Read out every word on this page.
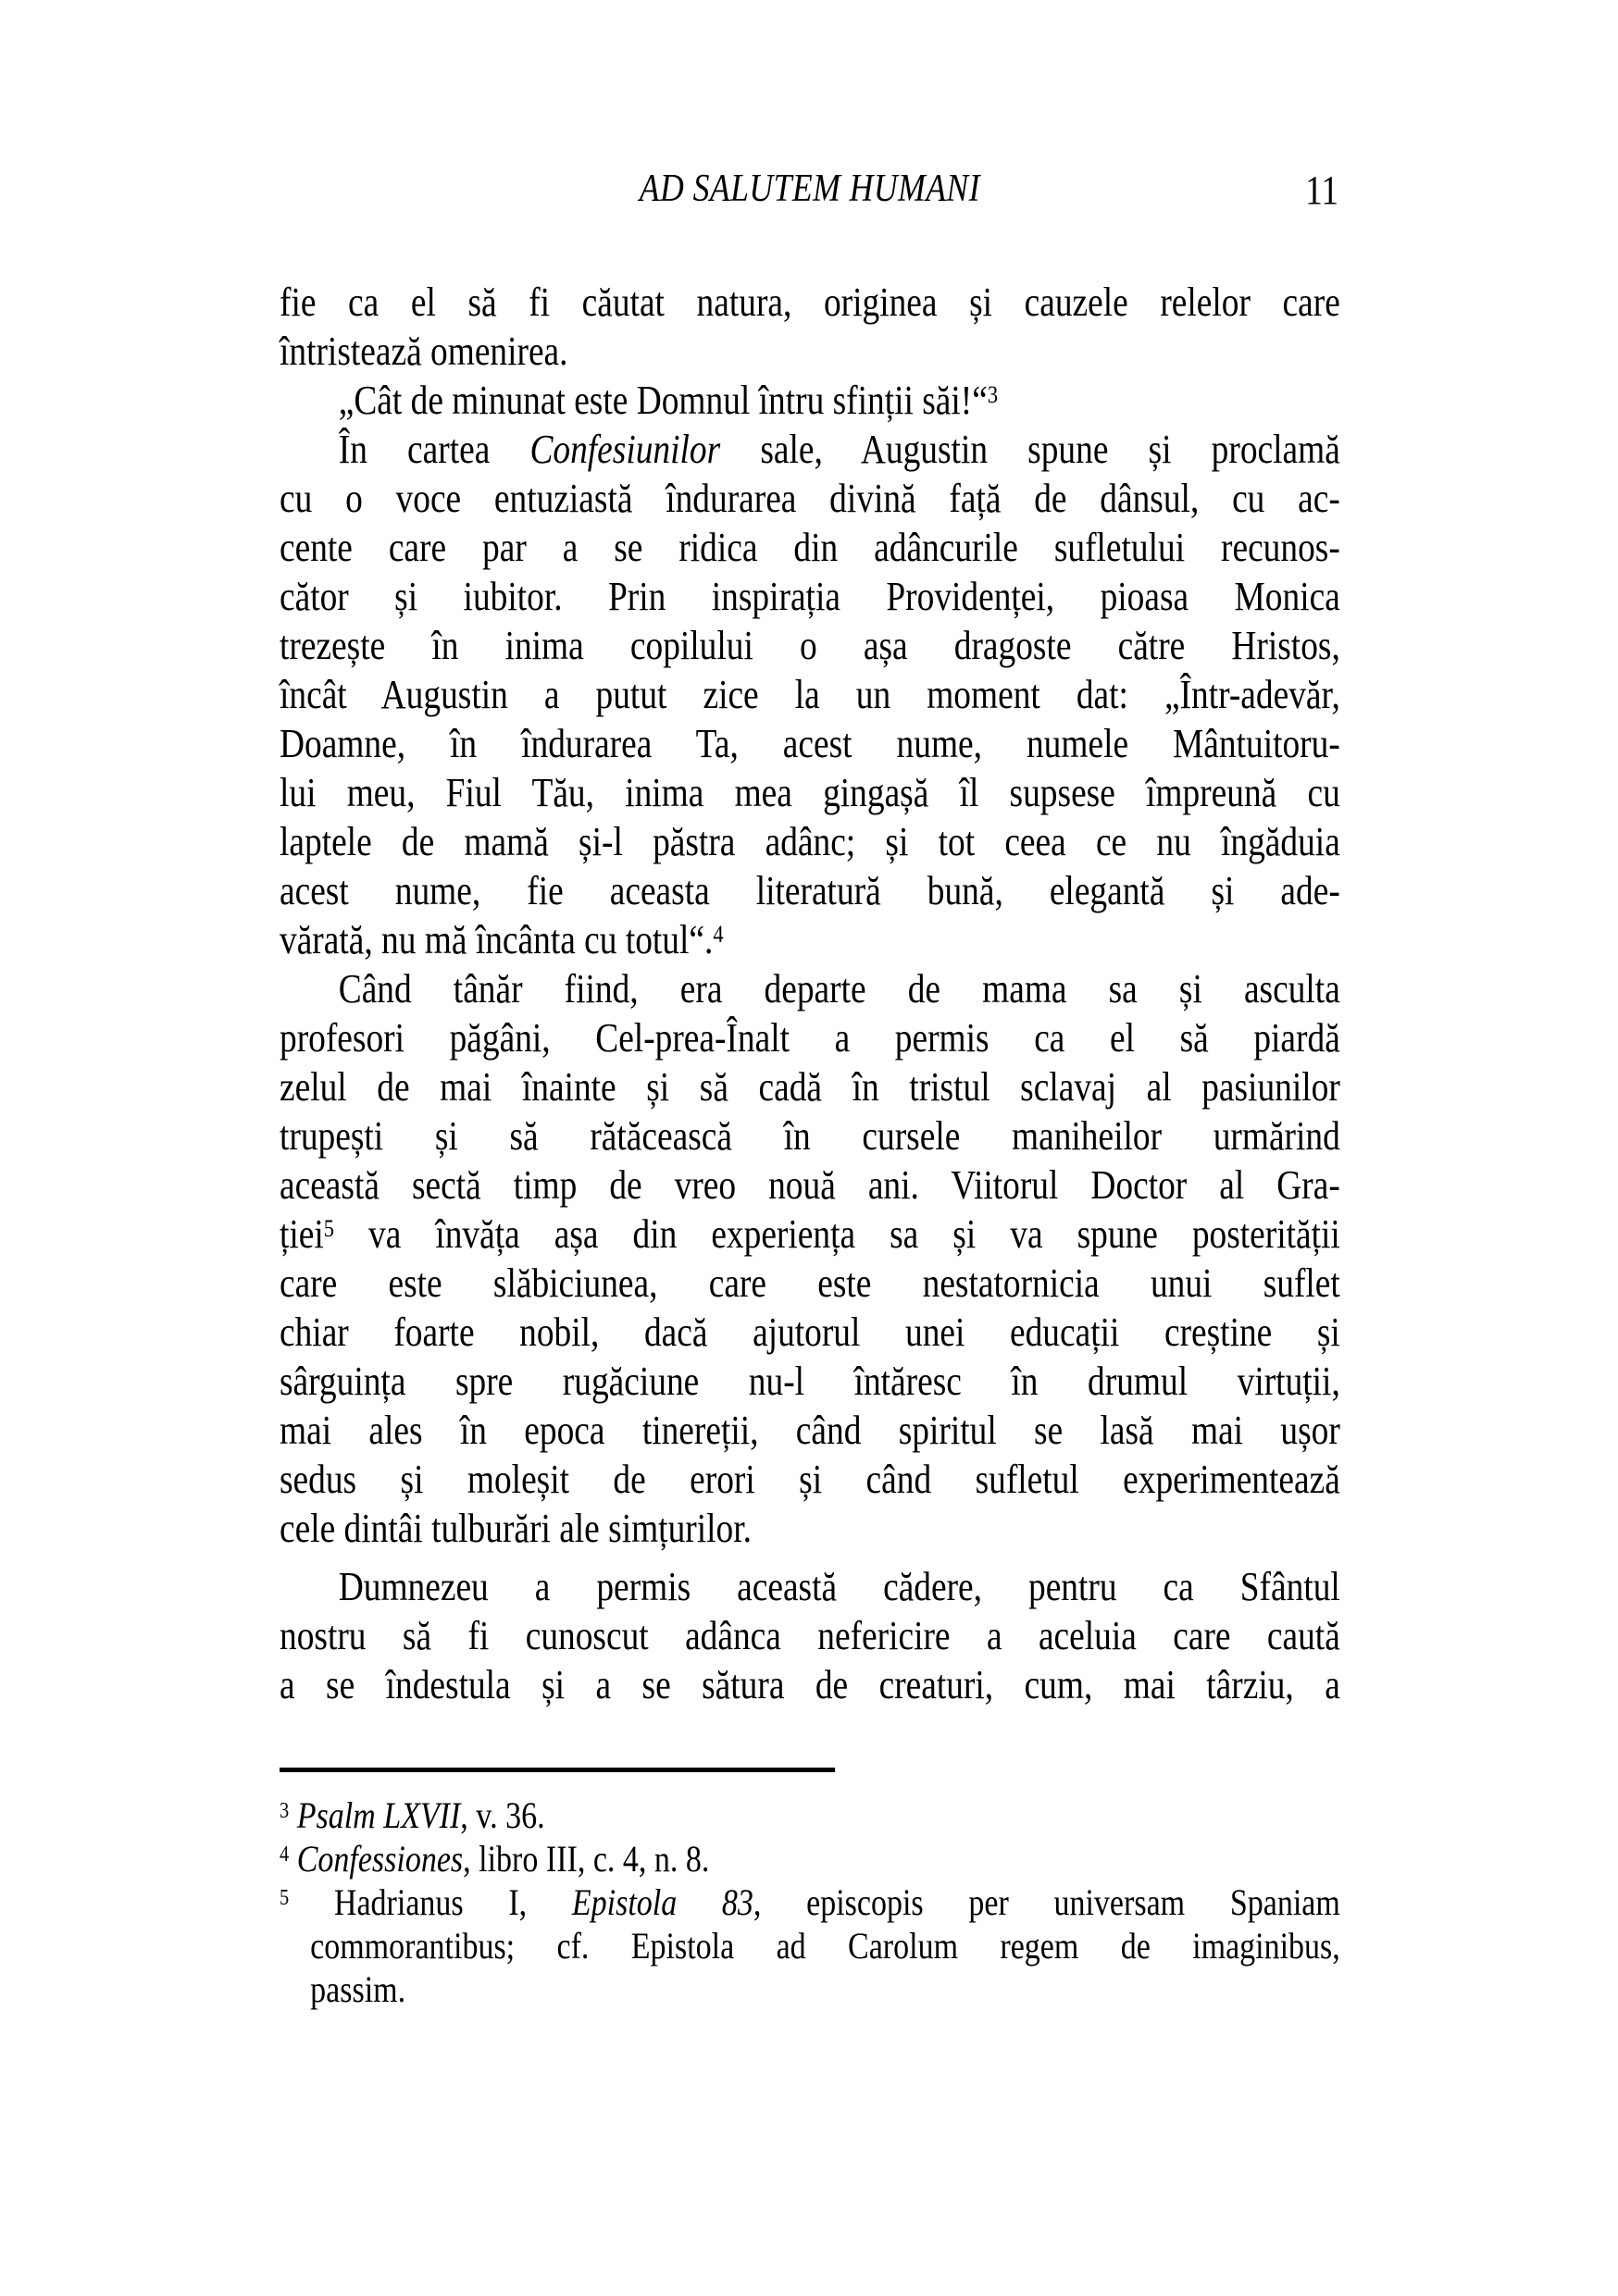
AD SALUTEM HUMANI	11
fie ca el să fi căutat natura, originea și cauzele relelor care
întristează omenirea.
„Cât de minunat este Domnul întru sfinții săi!“$^3$
În cartea Confesiunilor sale, Augustin spune și proclamă
cu o voce entuziastă îndurarea divină față de dânsul, cu ac-
cente care par a se ridica din adâncurile sufletului recunos-
cător și iubitor. Prin inspirația Providenței, pioasa Monica
trezește în inima copilului o așa dragoste către Hristos,
încât Augustin a putut zice la un moment dat: „Într-adevăr,
Doamne, în îndurarea Ta, acest nume, numele Mântuitoru-
lui meu, Fiul Tău, inima mea gingașă îl supsese împreună cu
laptele de mamă și-l păstra adânc; și tot ceea ce nu îngăduia
acest nume, fie aceasta literatură bună, elegantă și ade-
vărată, nu mă încânta cu totul“.$^4$
Când tânăr fiind, era departe de mama sa și asculta
profesori păgâni, Cel-prea-Înalt a permis ca el să piardă
zelul de mai înainte și să cadă în tristul sclavaj al pasiunilor
trupești și să rătăcească în cursele maniheilor urmărind
această sectă timp de vreo nouă ani. Viitorul Doctor al Gra-
ției$^5$ va învăța așa din experiența sa și va spune posterității
care este slăbiciunea, care este nestatornicia unui suflet
chiar foarte nobil, dacă ajutorul unei educații creștine și
sârguința spre rugăciune nu-l întăresc în drumul virtuții,
mai ales în epoca tinereții, când spiritul se lasă mai ușor
sedus și moleșit de erori și când sufletul experimentează
cele dintâi tulburări ale simțurilor.
Dumnezeu a permis această cădere, pentru ca Sfântul
nostru să fi cunoscut adânca nefericire a aceluia care caută
a se îndestula și a se sătura de creaturi, cum, mai târziu, a
$^3$ Psalm LXVII, v. 36.
$^4$ Confessiones, libro III, c. 4, n. 8.
$^5$ Hadrianus I, Epistola 83, episcopis per universam Spaniam
commorantibus; cf. Epistola ad Carolum regem de imaginibus,
passim.
